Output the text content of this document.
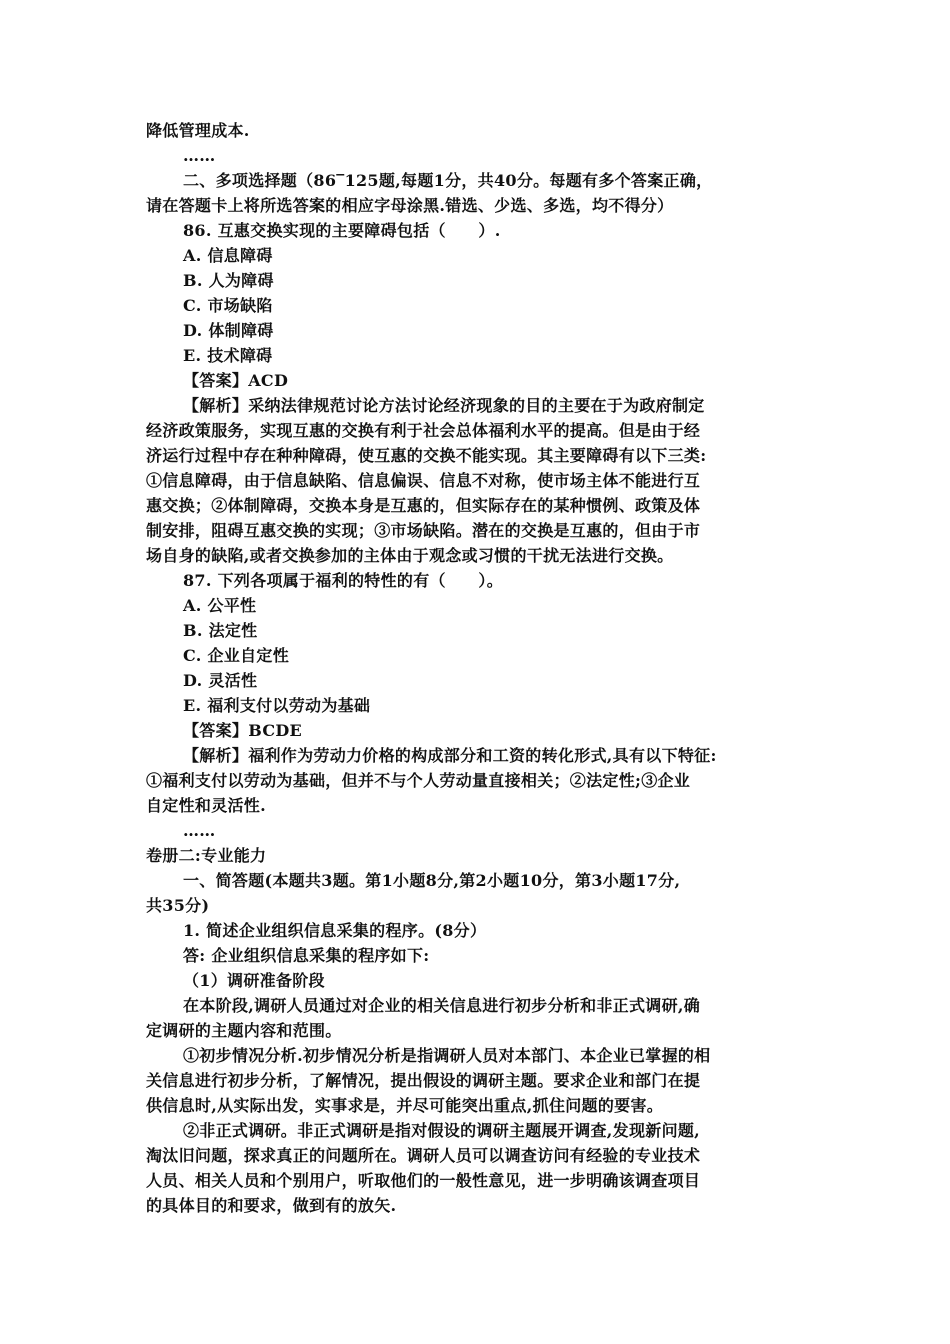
降低管理成本.
……
二、多项选择题（86‾125题,每题1分，共40分。每题有多个答案正确，
请在答题卡上将所选答案的相应字母涂黑.错选、少选、多选，均不得分）
86. 互惠交换实现的主要障碍包括（　　）.
A. 信息障碍
B. 人为障碍
C. 市场缺陷
D. 体制障碍
E. 技术障碍
【答案】ACD
【解析】采纳法律规范讨论方法讨论经济现象的目的主要在于为政府制定
经济政策服务，实现互惠的交换有利于社会总体福利水平的提高。但是由于经
济运行过程中存在种种障碍，使互惠的交换不能实现。其主要障碍有以下三类:
①信息障碍，由于信息缺陷、信息偏误、信息不对称，使市场主体不能进行互
惠交换；②体制障碍，交换本身是互惠的，但实际存在的某种惯例、政策及体
制安排，阻碍互惠交换的实现；③市场缺陷。潜在的交换是互惠的，但由于市
场自身的缺陷,或者交换参加的主体由于观念或习惯的干扰无法进行交换。
87. 下列各项属于福利的特性的有（　　）。
A. 公平性
B. 法定性
C. 企业自定性
D. 灵活性
E. 福利支付以劳动为基础
【答案】BCDE
【解析】福利作为劳动力价格的构成部分和工资的转化形式,具有以下特征:
①福利支付以劳动为基础，但并不与个人劳动量直接相关；②法定性;③企业
自定性和灵活性.
……
卷册二:专业能力
一、简答题(本题共3题。第1小题8分,第2小题10分，第3小题17分,
共35分)
1. 简述企业组织信息采集的程序。(8分）
答: 企业组织信息采集的程序如下:
（1）调研准备阶段
在本阶段,调研人员通过对企业的相关信息进行初步分析和非正式调研,确
定调研的主题内容和范围。
①初步情况分析.初步情况分析是指调研人员对本部门、本企业已掌握的相
关信息进行初步分析，了解情况，提出假设的调研主题。要求企业和部门在提
供信息时,从实际出发，实事求是，并尽可能突出重点,抓住问题的要害。
②非正式调研。非正式调研是指对假设的调研主题展开调查,发现新问题,
淘汰旧问题，探求真正的问题所在。调研人员可以调查访问有经验的专业技术
人员、相关人员和个别用户，听取他们的一般性意见，进一步明确该调查项目
的具体目的和要求，做到有的放矢.
